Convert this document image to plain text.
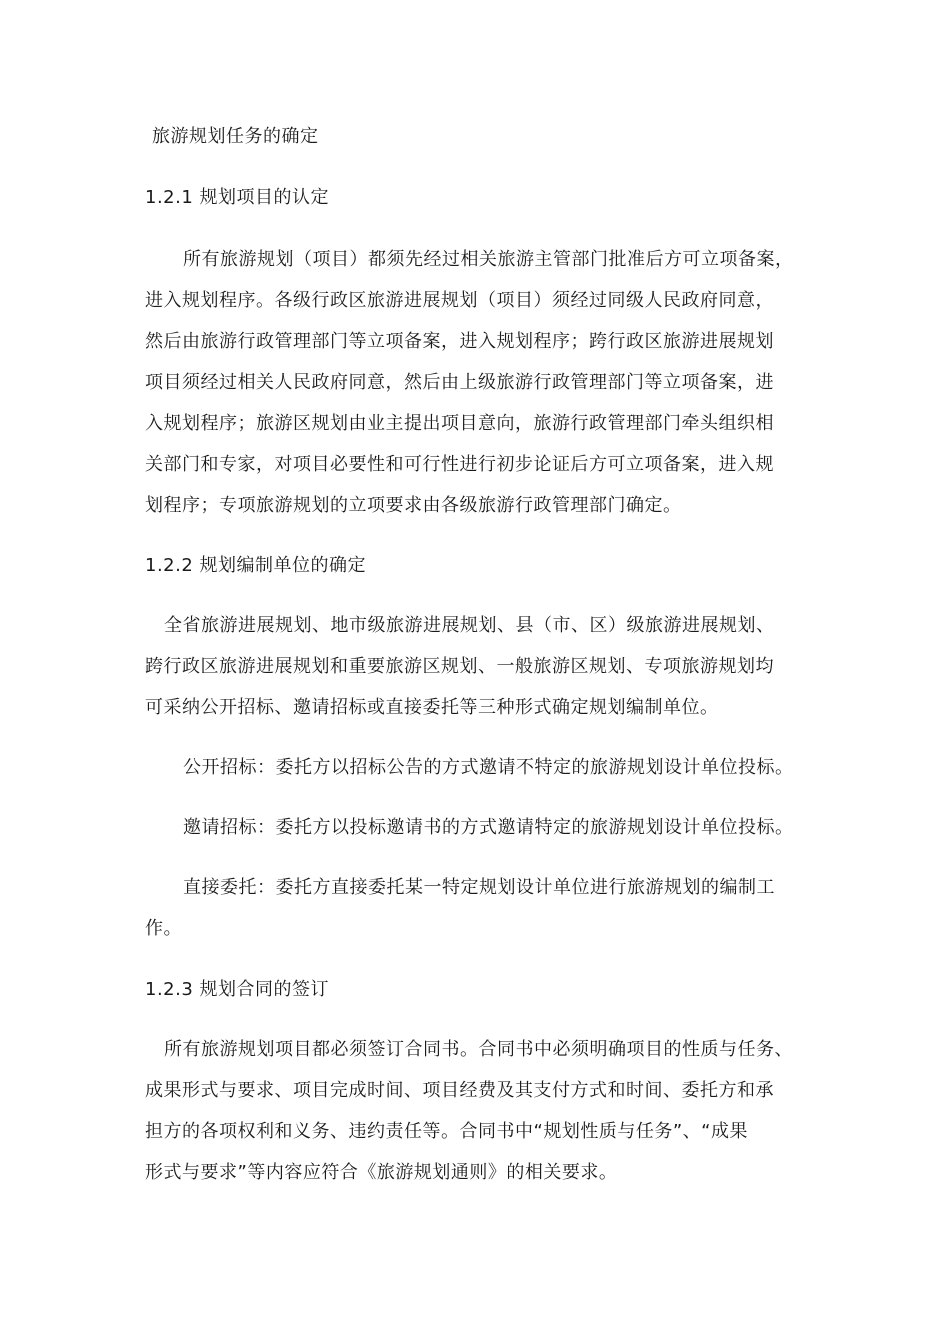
旅游规划任务的确定
1.2.1 规划项目的认定
所有旅游规划（项目）都须先经过相关旅游主管部门批准后方可立项备案，
进入规划程序。各级行政区旅游进展规划（项目）须经过同级人民政府同意，
然后由旅游行政管理部门等立项备案，进入规划程序；跨行政区旅游进展规划
项目须经过相关人民政府同意，然后由上级旅游行政管理部门等立项备案，进
入规划程序；旅游区规划由业主提出项目意向，旅游行政管理部门牵头组织相
关部门和专家，对项目必要性和可行性进行初步论证后方可立项备案，进入规
划程序；专项旅游规划的立项要求由各级旅游行政管理部门确定。
1.2.2 规划编制单位的确定
全省旅游进展规划、地市级旅游进展规划、县（市、区）级旅游进展规划、
跨行政区旅游进展规划和重要旅游区规划、一般旅游区规划、专项旅游规划均
可采纳公开招标、邀请招标或直接委托等三种形式确定规划编制单位。
公开招标：委托方以招标公告的方式邀请不特定的旅游规划设计单位投标。
邀请招标：委托方以投标邀请书的方式邀请特定的旅游规划设计单位投标。
直接委托：委托方直接委托某一特定规划设计单位进行旅游规划的编制工
作。
1.2.3 规划合同的签订
所有旅游规划项目都必须签订合同书。合同书中必须明确项目的性质与任务、
成果形式与要求、项目完成时间、项目经费及其支付方式和时间、委托方和承
担方的各项权利和义务、违约责任等。合同书中“规划性质与任务”、“成果
形式与要求”等内容应符合《旅游规划通则》的相关要求。
